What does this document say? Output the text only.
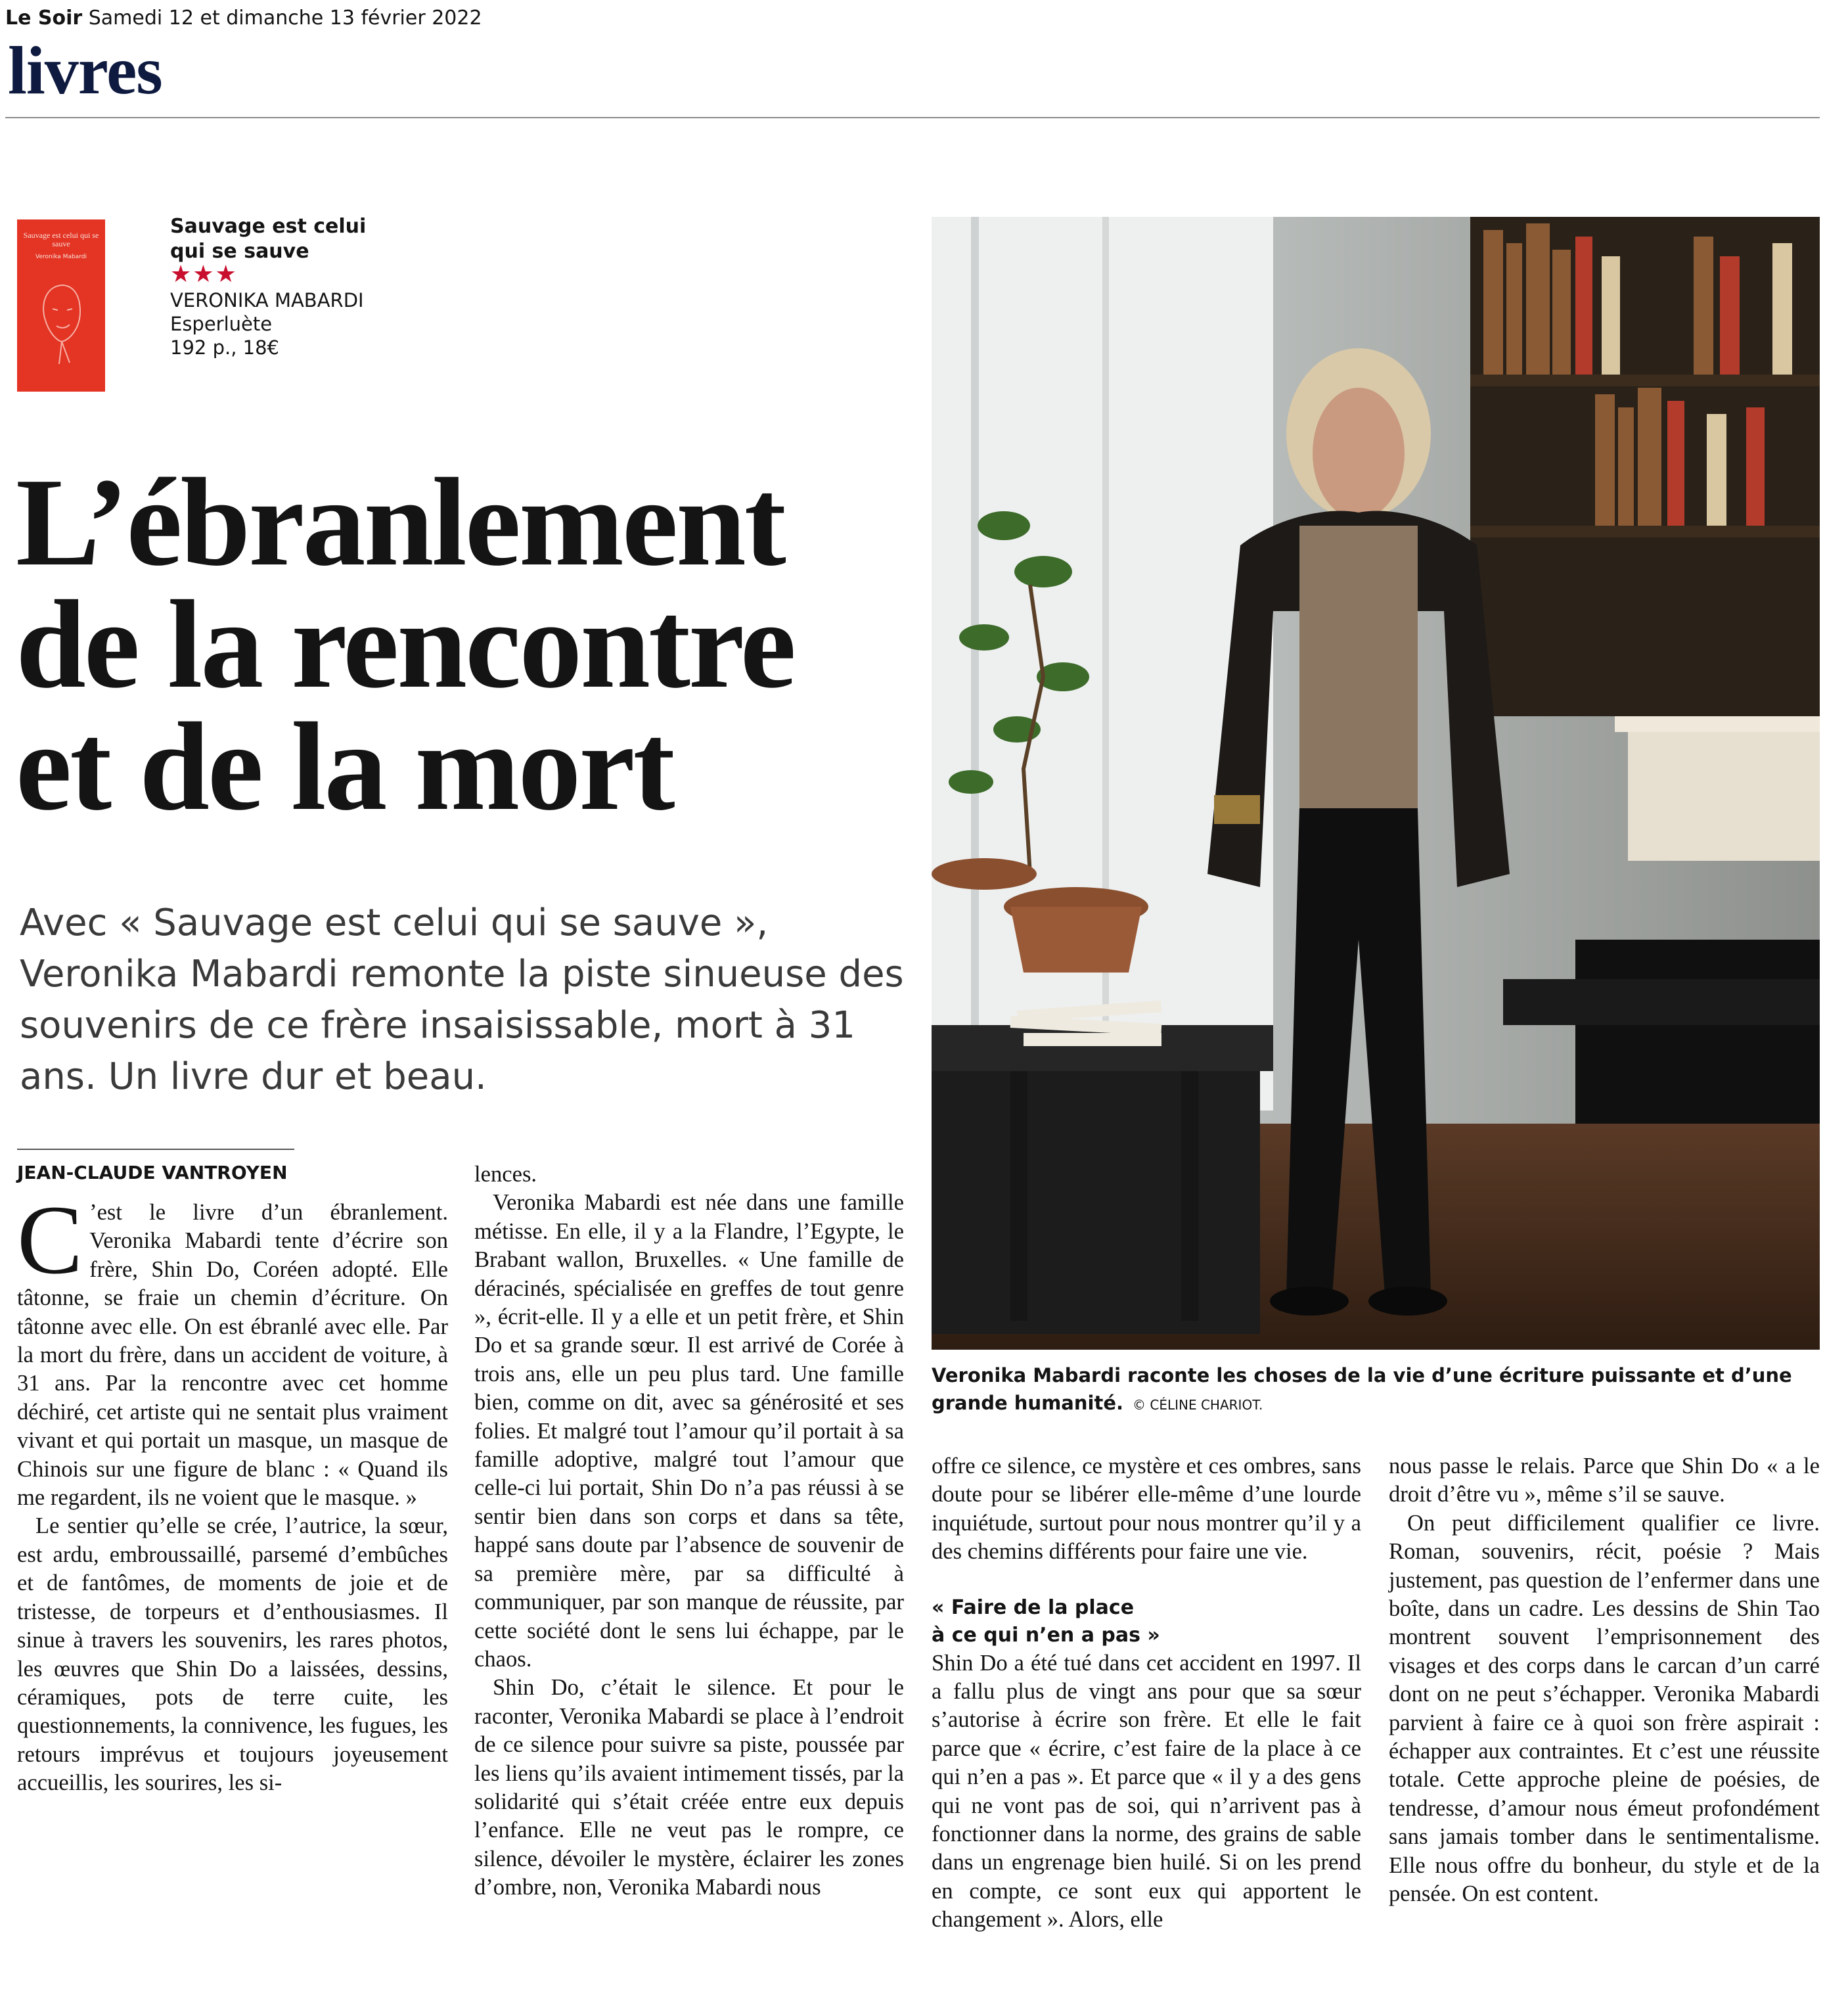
Le Soir Samedi 12 et dimanche 13 février 2022
livres
Sauvage est celui qui se sauve
Veronika Mabardi
Sauvage est celui qui se sauve
★★★
VERONIKA MABARDI
Esperluète
192 p., 18€
L’ébranlement
de la rencontre
et de la mort
Avec « Sauvage est celui qui se sauve », Veronika Mabardi remonte la piste sinueuse des souvenirs de ce frère insaisissable, mort à 31 ans. Un livre dur et beau.
Veronika Mabardi raconte les choses de la vie d’une écriture puissante et d’une grande humanité. © CÉLINE CHARIOT.
JEAN-CLAUDE VANTROYEN

C ’est le livre d’un ébranlement. Veronika Mabardi tente d’écrire son frère, Shin Do, Coréen adopté. Elle tâtonne, se fraie un chemin d’écriture. On tâtonne avec elle. On est ébranlé avec elle. Par la mort du frère, dans un accident de voiture, à 31 ans. Par la rencontre avec cet homme déchiré, cet artiste qui ne sentait plus vraiment vivant et qui portait un masque, un masque de Chinois sur une figure de blanc : « Quand ils me regardent, ils ne voient que le masque. »

Le sentier qu’elle se crée, l’autrice, la sœur, est ardu, embroussaillé, parsemé d’embûches et de fantômes, de moments de joie et de tristesse, de torpeurs et d’enthousiasmes. Il sinue à travers les souvenirs, les rares photos, les œuvres que Shin Do a laissées, dessins, céramiques, pots de terre cuite, les questionnements, la connivence, les fugues, les retours imprévus et toujours joyeusement accueillis, les sourires, les si-

lences.

Veronika Mabardi est née dans une famille métisse. En elle, il y a la Flandre, l’Egypte, le Brabant wallon, Bruxelles. « Une famille de déracinés, spécialisée en greffes de tout genre », écrit-elle. Il y a elle et un petit frère, et Shin Do et sa grande sœur. Il est arrivé de Corée à trois ans, elle un peu plus tard. Une famille bien, comme on dit, avec sa générosité et ses folies. Et malgré tout l’amour qu’il portait à sa famille adoptive, malgré tout l’amour que celle-ci lui portait, Shin Do n’a pas réussi à se sentir bien dans son corps et dans sa tête, happé sans doute par l’absence de souvenir de sa première mère, par sa difficulté à communiquer, par son manque de réussite, par cette société dont le sens lui échappe, par le chaos.

Shin Do, c’était le silence. Et pour le raconter, Veronika Mabardi se place à l’endroit de ce silence pour suivre sa piste, poussée par les liens qu’ils avaient intimement tissés, par la solidarité qui s’était créée entre eux depuis l’enfance. Elle ne veut pas le rompre, ce silence, dévoiler le mystère, éclairer les zones d’ombre, non, Veronika Mabardi nous

offre ce silence, ce mystère et ces ombres, sans doute pour se libérer elle-même d’une lourde inquiétude, surtout pour nous montrer qu’il y a des chemins différents pour faire une vie.

« Faire de la place
à ce qui n’en a pas »

Shin Do a été tué dans cet accident en 1997. Il a fallu plus de vingt ans pour que sa sœur s’autorise à écrire son frère. Et elle le fait parce que « écrire, c’est faire de la place à ce qui n’en a pas ». Et parce que « il y a des gens qui ne vont pas de soi, qui n’arrivent pas à fonctionner dans la norme, des grains de sable dans un engrenage bien huilé. Si on les prend en compte, ce sont eux qui apportent le changement ». Alors, elle

nous passe le relais. Parce que Shin Do « a le droit d’être vu », même s’il se sauve.

On peut difficilement qualifier ce livre. Roman, souvenirs, récit, poésie ? Mais justement, pas question de l’enfermer dans une boîte, dans un cadre. Les dessins de Shin Tao montrent souvent l’emprisonnement des visages et des corps dans le carcan d’un carré dont on ne peut s’échapper. Veronika Mabardi parvient à faire ce à quoi son frère aspirait : échapper aux contraintes. Et c’est une réussite totale. Cette approche pleine de poésies, de tendresse, d’amour nous émeut profondément sans jamais tomber dans le sentimentalisme. Elle nous offre du bonheur, du style et de la pensée. On est content.
